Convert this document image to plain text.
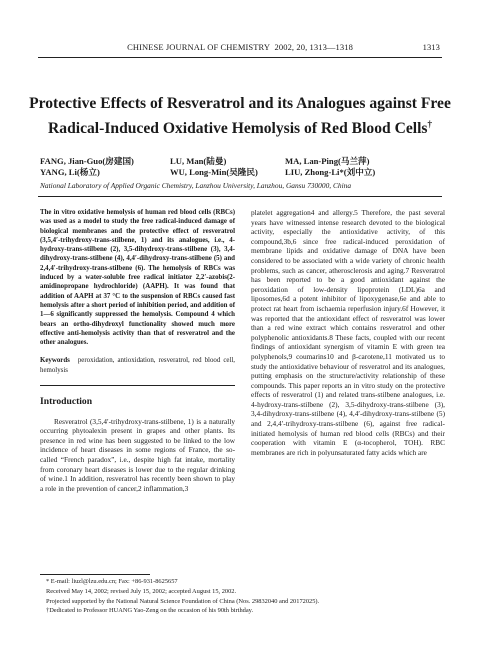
CHINESE JOURNAL OF CHEMISTRY 2002, 20, 1313—1318	1313
Protective Effects of Resveratrol and its Analogues against Free
Radical-Induced Oxidative Hemolysis of Red Blood Cells†
FANG, Jian-Guo(房建国)	LU, Man(陆曼)	MA, Lan-Ping(马兰萍)
YANG, Li(杨立)	WU, Long-Min(吴隆民)	LIU, Zhong-Li*(刘中立)
National Laboratory of Applied Organic Chemistry, Lanzhou University, Lanzhou, Gansu 730000, China
The in vitro oxidative hemolysis of human red blood cells (RBCs) was used as a model to study the free radical-induced damage of biological membranes and the protective effect of resveratrol (3,5,4′-trihydroxy-trans-stilbene, 1) and its analogues, i.e., 4-hydroxy-trans-stilbene (2), 3,5-dihydroxy-trans-stilbene (3), 3,4-dihydroxy-trans-stilbene (4), 4,4′-dihydroxy-trans-stilbene (5) and 2,4,4′-trihydroxy-trans-stilbene (6). The hemolysis of RBCs was induced by a water-soluble free radical initiator 2,2′-azobis(2-amidinopropane hydrochloride) (AAPH). It was found that addition of AAPH at 37 °C to the suspension of RBCs caused fast hemolysis after a short period of inhibition period, and addition of 1—6 significantly suppressed the hemolysis. Compound 4 which bears an ortho-dihydroxyl functionality showed much more effective anti-hemolysis activity than that of resveratrol and the other analogues.
Keywords peroxidation, antioxidation, resveratrol, red blood cell, hemolysis
Introduction
Resveratrol (3,5,4′-trihydroxy-trans-stilbene, 1) is a naturally occurring phytoalexin present in grapes and other plants. Its presence in red wine has been suggested to be linked to the low incidence of heart diseases in some regions of France, the so-called “French paradox”, i.e., despite high fat intake, mortality from coronary heart diseases is lower due to the regular drinking of wine.1 In addition, resveratrol has recently been shown to play a role in the prevention of cancer,2 inflammation,3
platelet aggregation4 and allergy.5 Therefore, the past several years have witnessed intense research devoted to the biological activity, especially the antioxidative activity, of this compound,3b,6 since free radical-induced peroxidation of membrane lipids and oxidative damage of DNA have been considered to be associated with a wide variety of chronic health problems, such as cancer, atherosclerosis and aging.7 Resveratrol has been reported to be a good antioxidant against the peroxidation of low-density lipoprotein (LDL)6a and liposomes,6d a potent inhibitor of lipoxygenase,6e and able to protect rat heart from ischaemia reperfusion injury.6f However, it was reported that the antioxidant effect of resveratrol was lower than a red wine extract which contains resveratrol and other polyphenolic antioxidants.8 These facts, coupled with our recent findings of antioxidant synergism of vitamin E with green tea polyphenols,9 coumarins10 and β-carotene,11 motivated us to study the antioxidative behaviour of resveratrol and its analogues, putting emphasis on the structure/activity relationship of these compounds. This paper reports an in vitro study on the protective effects of resveratrol (1) and related trans-stilbene analogues, i.e. 4-hydroxy-trans-stilbene (2), 3,5-dihydroxy-trans-stilbene (3), 3,4-dihydroxy-trans-stilbene (4), 4,4′-dihydroxy-trans-stilbene (5) and 2,4,4′-trihydroxy-trans-stilbene (6), against free radical-initiated hemolysis of human red blood cells (RBCs) and their cooperation with vitamin E (α-tocopherol, TOH). RBC membranes are rich in polyunsaturated fatty acids which are
* E-mail: liuzl@lzu.edu.cn; Fax: +86-931-8625657
Received May 14, 2002; revised July 15, 2002; accepted August 15, 2002.
Projected supported by the National Natural Science Foundation of China (Nos. 29832040 and 20172025).
†Dedicated to Professor HUANG Yao-Zeng on the occasion of his 90th birthday.
